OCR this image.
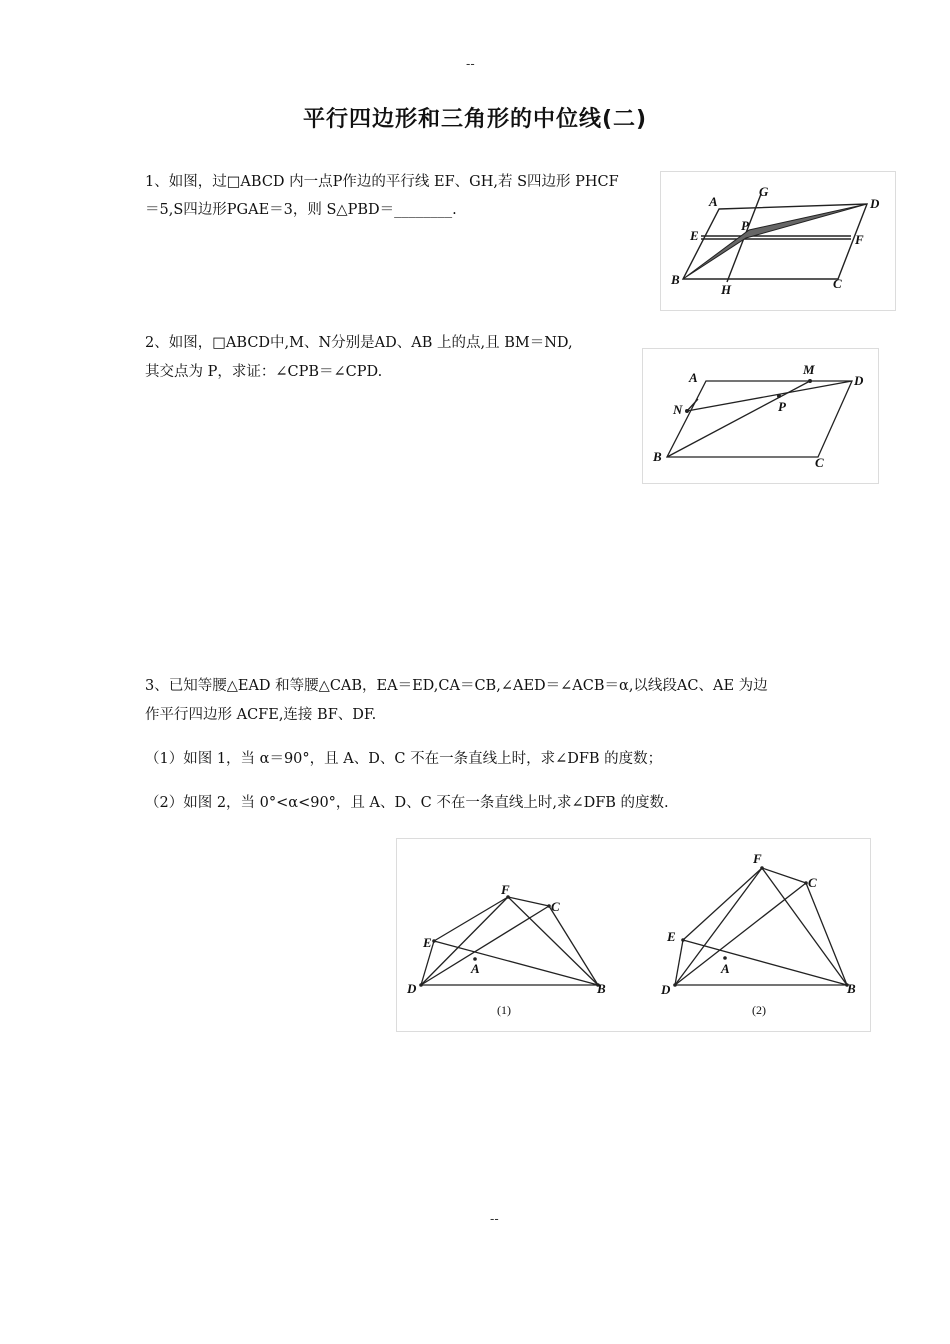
--
平行四边形和三角形的中位线(二)
1、如图，过□ABCD 内一点P作边的平行线 EF、GH,若 S四边形 PHCF
＝5,S四边形PGAE＝3，则 S△PBD＝________.
A
G
D
E
P
F
B
H	C
2、如图，□ABCD中,M、N分别是AD、AB 上的点,且 BM＝ND,
其交点为 P，求证：∠CPB＝∠CPD.	A
M
D
N	P
B	C
3、已知等腰△EAD 和等腰△CAB，EA＝ED,CA＝CB,∠AED＝∠ACB＝α,以线段AC、AE 为边
作平行四边形 ACFE,连接 BF、DF.
（1）如图 1，当 α＝90°，且 A、D、C 不在一条直线上时，求∠DFB 的度数；
（2）如图 2，当 0°<α<90°，且 A、D、C 不在一条直线上时,求∠DFB 的度数.
F
C
E
A
D	B
(1)
F
C
E
A
D	B
(2)
--
